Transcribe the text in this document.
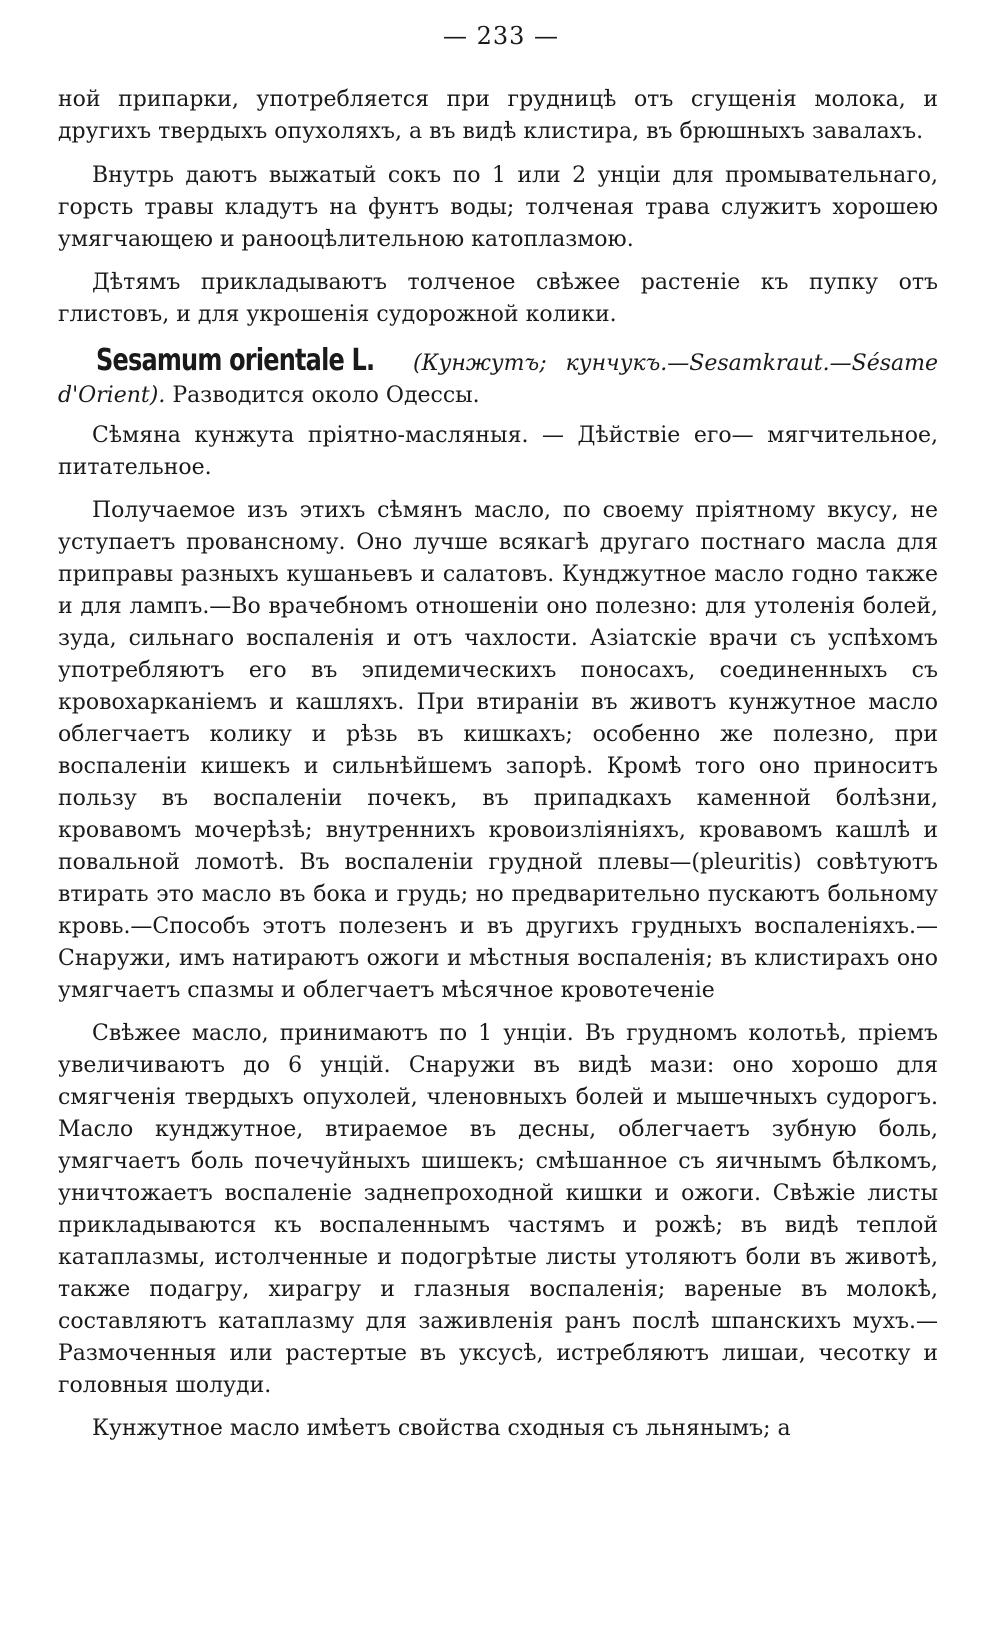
— 233 —

ной припарки, употребляется при грудницѣ отъ сгущенія молока, и другихъ твердыхъ опухоляхъ, а въ видѣ клистира, въ брюшныхъ завалахъ.

Внутрь даютъ выжатый сокъ по 1 или 2 унціи для промывательнаго, горсть травы кладутъ на фунтъ воды; толченая трава служитъ хорошею умягчающею и ранооцѣлительною катоплазмою.

Дѣтямъ прикладываютъ толченое свѣжее растеніе къ пупку отъ глистовъ, и для укрошенія судорожной колики.

Sesamum orientale L. (Кунжутъ; кунчукъ.—Sesamkraut.—Sésame d'Orient). Разводится около Одессы.

Сѣмяна кунжута пріятно-масляныя. — Дѣйствіе его— мягчительное, питательное.

Получаемое изъ этихъ сѣмянъ масло, по своему пріятному вкусу, не уступаетъ провансному. Оно лучше всякагѣ другаго постнаго масла для приправы разныхъ кушаньевъ и салатовъ. Кунджутное масло годно также и для лампъ.—Во врачебномъ отношеніи оно полезно: для утоленія болей, зуда, сильнаго воспаленія и отъ чахлости. Азіатскіе врачи съ успѣхомъ употребляютъ его въ эпидемическихъ поносахъ, соединенныхъ съ кровохарканіемъ и кашляхъ. При втираніи въ животъ кунжутное масло облегчаетъ колику и рѣзь въ кишкахъ; особенно же полезно, при воспаленіи кишекъ и сильнѣйшемъ запорѣ. Кромѣ того оно приноситъ пользу въ воспаленіи почекъ, въ припадкахъ каменной болѣзни, кровавомъ мочерѣзѣ; внутреннихъ кровоизліяніяхъ, кровавомъ кашлѣ и повальной ломотѣ. Въ воспаленіи грудной плевы—(pleuritis) совѣтуютъ втирать это масло въ бока и грудь; но предварительно пускаютъ больному кровь.—Способъ этотъ полезенъ и въ другихъ грудныхъ воспаленіяхъ.—Снаружи, имъ натираютъ ожоги и мѣстныя воспаленія; въ клистирахъ оно умягчаетъ спазмы и облегчаетъ мѣсячное кровотеченіе

Свѣжее масло, принимаютъ по 1 унціи. Въ грудномъ колотьѣ, пріемъ увеличиваютъ до 6 унцій. Снаружи въ видѣ мази: оно хорошо для смягченія твердыхъ опухолей, членовныхъ болей и мышечныхъ судорогъ. Масло кунджутное, втираемое въ десны, облегчаетъ зубную боль, умягчаетъ боль почечуйныхъ шишекъ; смѣшанное съ яичнымъ бѣлкомъ, уничтожаетъ воспаленіе заднепроходной кишки и ожоги. Свѣжіе листы прикладываются къ воспаленнымъ частямъ и рожѣ; въ видѣ теплой катаплазмы, истолченные и подогрѣтые листы утоляютъ боли въ животѣ, также подагру, хирагру и глазныя воспаленія; вареные въ молокѣ, составляютъ катаплазму для заживленія ранъ послѣ шпанскихъ мухъ.—Размоченныя или растертые въ уксусѣ, истребляютъ лишаи, чесотку и головныя шолуди.

Кунжутное масло имѣетъ свойства сходныя съ льнянымъ; а
